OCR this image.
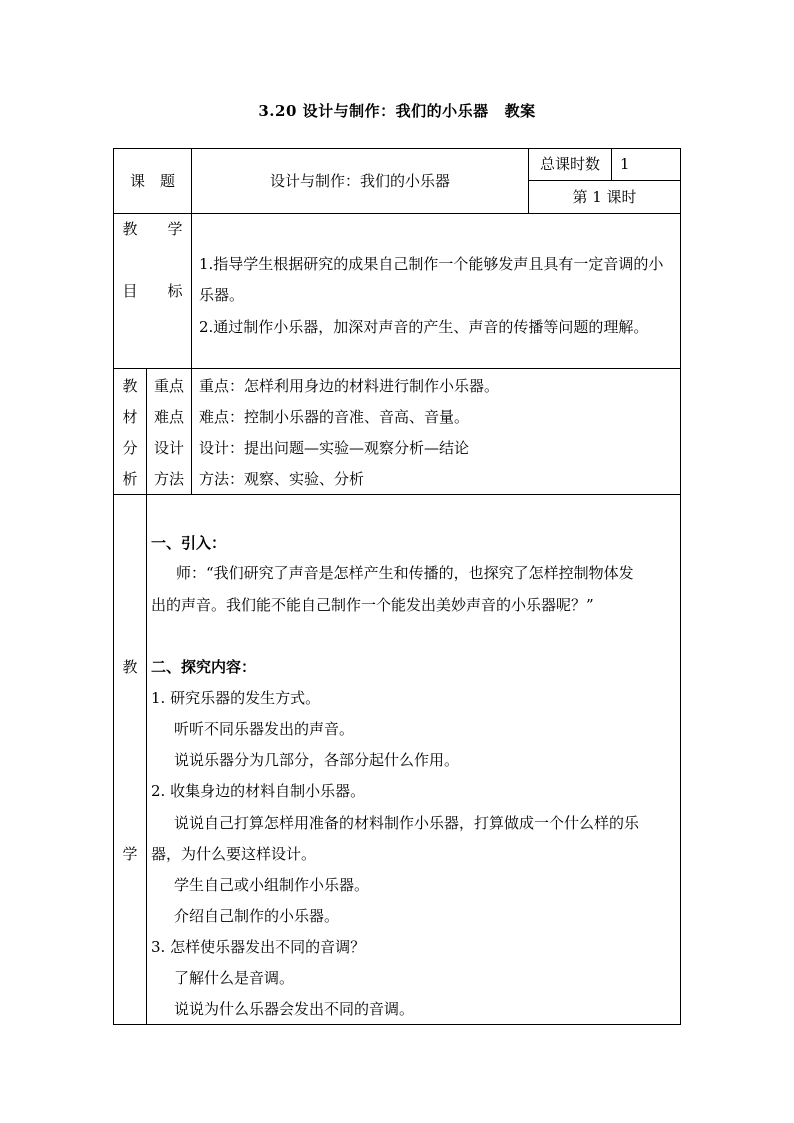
3.20 设计与制作：我们的小乐器 教案
课　题	设计与制作：我们的小乐器
总课时数	1
第 1 课时
教　　学
目　　标
1.指导学生根据研究的成果自己制作一个能够发声且具有一定音调的小乐器。
2.通过制作小乐器，加深对声音的产生、声音的传播等问题的理解。
教
材
分
析
重点
难点
设计
方法
重点：怎样利用身边的材料进行制作小乐器。
难点：控制小乐器的音准、音高、音量。
设计：提出问题—实验—观察分析—结论
方法：观察、实验、分析
教
学
一、引入：
师：“我们研究了声音是怎样产生和传播的，也探究了怎样控制物体发
出的声音。我们能不能自己制作一个能发出美妙声音的小乐器呢？”
二、探究内容：
1. 研究乐器的发生方式。
听听不同乐器发出的声音。
说说乐器分为几部分，各部分起什么作用。
2. 收集身边的材料自制小乐器。
说说自己打算怎样用准备的材料制作小乐器，打算做成一个什么样的乐
器，为什么要这样设计。
学生自己或小组制作小乐器。
介绍自己制作的小乐器。
3. 怎样使乐器发出不同的音调？
了解什么是音调。
说说为什么乐器会发出不同的音调。
